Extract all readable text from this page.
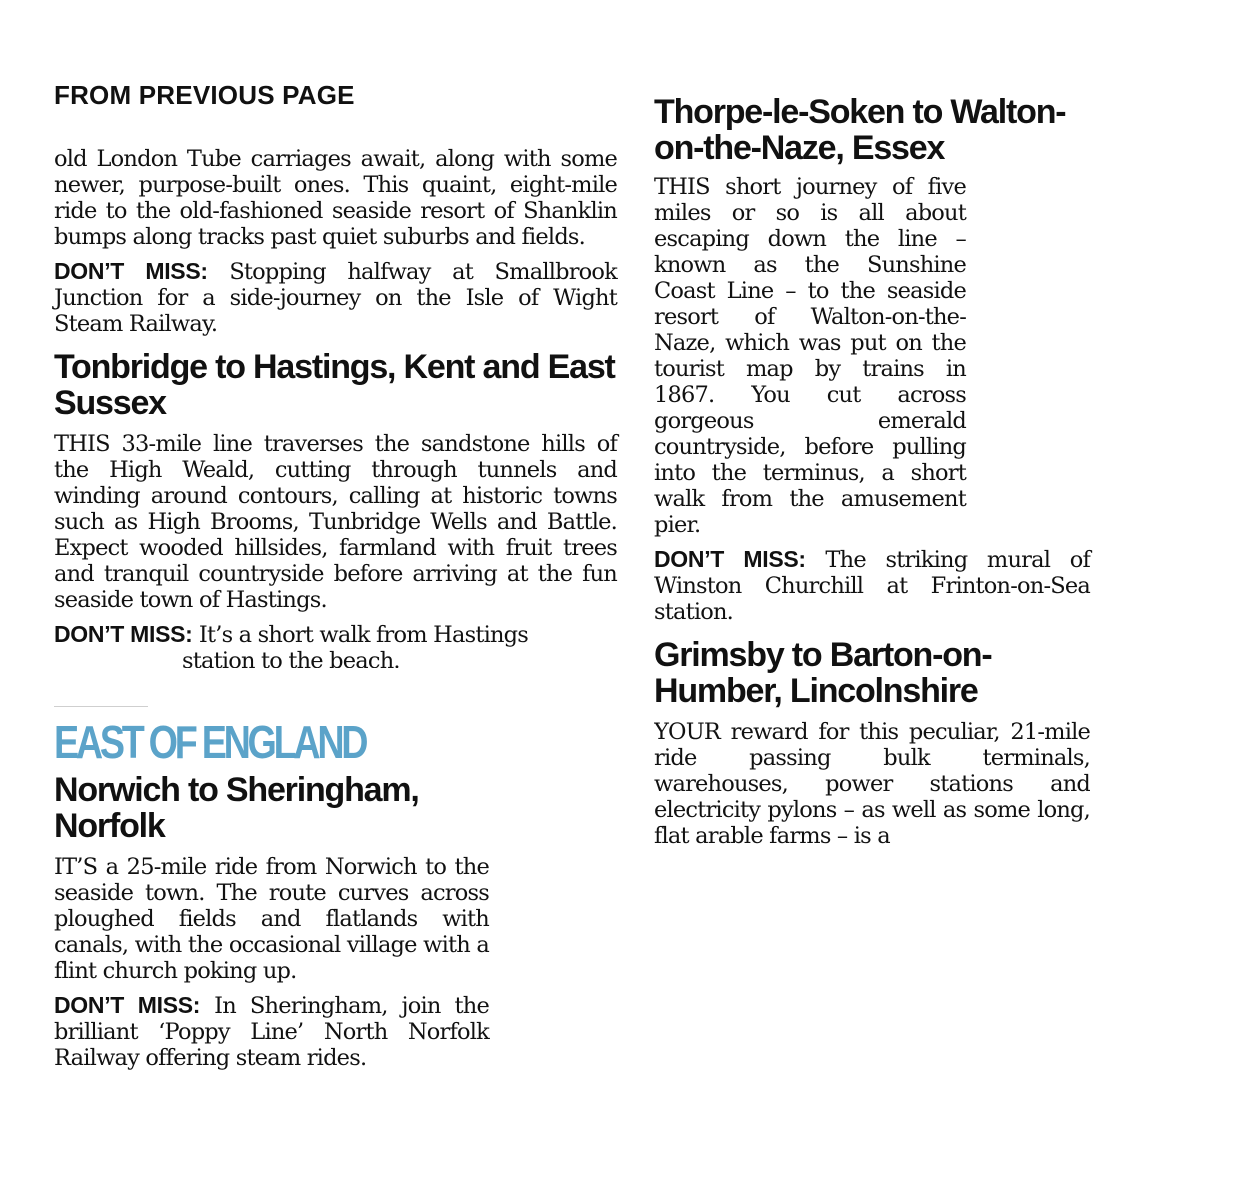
FROM PREVIOUS PAGE

old London Tube carriages await, along with some newer, purpose-built ones. This quaint, eight-mile ride to the old-fashioned seaside resort of Shanklin bumps along tracks past quiet suburbs and fields.

DON’T MISS: Stopping halfway at Smallbrook Junction for a side-journey on the Isle of Wight Steam Railway.

Tonbridge to Hastings, Kent and East Sussex

THIS 33-mile line traverses the sandstone hills of the High Weald, cutting through tunnels and winding around contours, calling at historic towns such as High Brooms, Tunbridge Wells and Battle. Expect wooded hillsides, farmland with fruit trees and tranquil countryside before arriving at the fun seaside town of Hastings.

DON’T MISS: It’s a short walk from Hastings

station to the beach.

EAST OF ENGLAND
Norwich to Sheringham, Norfolk

IT’S a 25-mile ride from Norwich to the seaside town. The route curves across ploughed fields and flatlands with canals, with the occasional village with a flint church poking up.

DON’T MISS: In Sheringham, join the brilliant ‘Poppy Line’ North Norfolk Railway offering steam rides.

Thorpe-le-Soken to Walton-on-the-Naze, Essex

THIS short journey of five miles or so is all about escaping down the line – known as the Sunshine Coast Line – to the seaside resort of Walton-on-the-Naze, which was put on the tourist map by trains in 1867. You cut across gorgeous emerald countryside, before pulling into the terminus, a short walk from the amusement pier.

DON’T MISS: The striking mural of Winston Churchill at Frinton-on-Sea station.

Grimsby to Barton-on-Humber, Lincolnshire

YOUR reward for this peculiar, 21-mile ride passing bulk terminals, warehouses, power stations and electricity pylons – as well as some long, flat arable farms – is a
